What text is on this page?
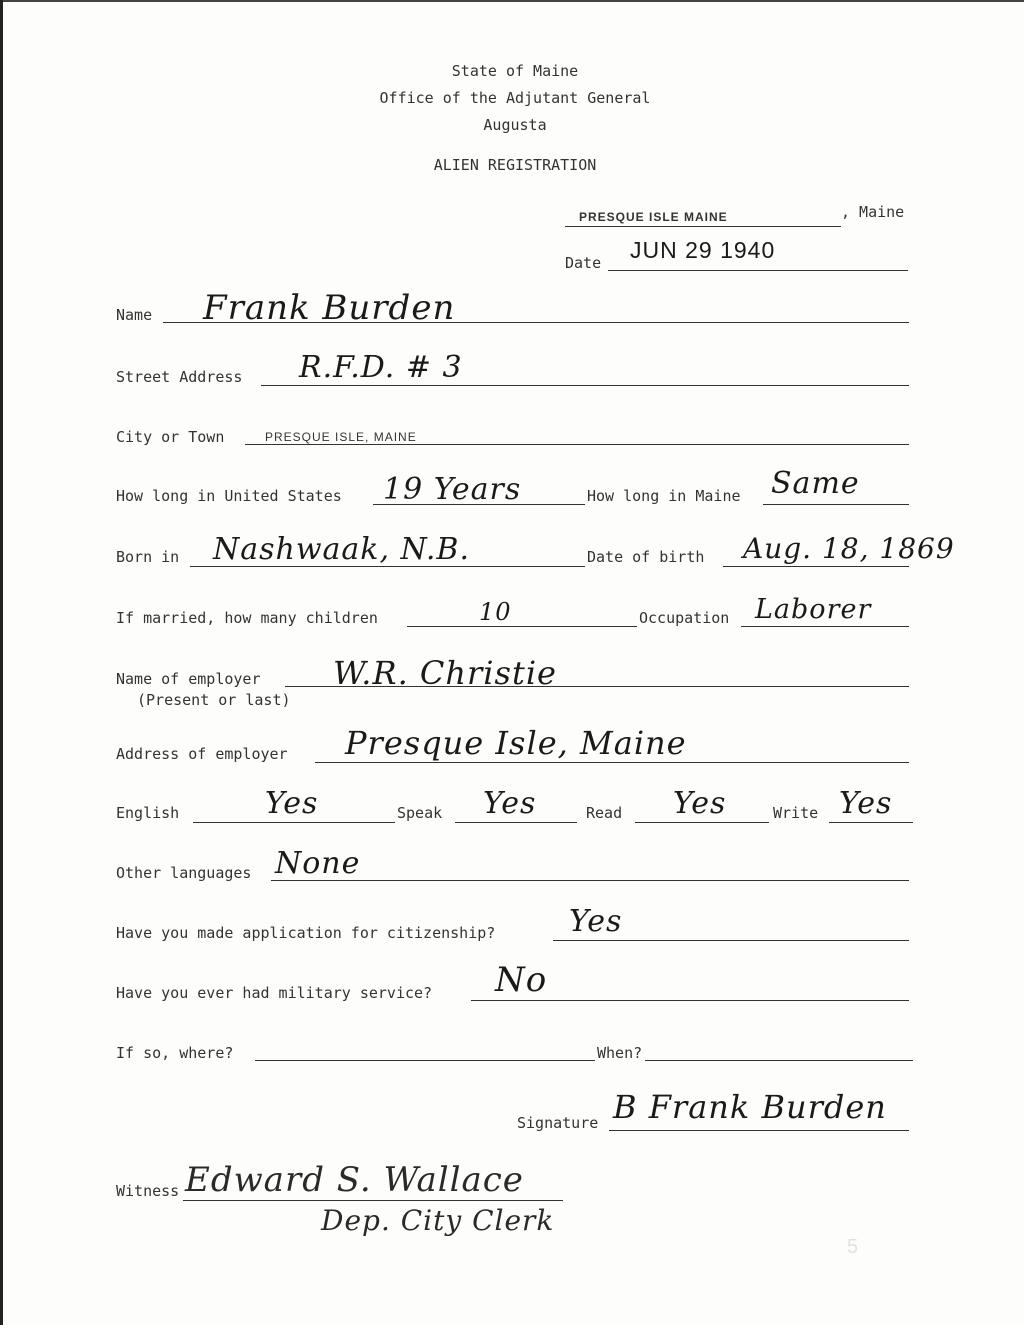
State of Maine
Office of the Adjutant General
Augusta
ALIEN REGISTRATION
PRESQUE ISLE MAINE	, Maine
Date JUN 29 1940
Name Frank Burden
Street Address R.F.D. # 3
City or Town	PRESQUE ISLE, MAINE
How long in United States 19 Years	How long in Maine Same
Born in Nashwaak, N.B.	Date of birth Aug. 18, 1869
If married, how many children	10	Occupation Laborer
Name of employer
(Present or last)
W.R. Christie
Address of employer Presque Isle, Maine
English	Yes	Speak Yes	Read Yes	Write Yes
Other languages None
Have you made application for citizenship? Yes
Have you ever had military service? No
If so, where?	When?
Signature B Frank Burden
Witness Edward S. Wallace
Dep. City Clerk
5
